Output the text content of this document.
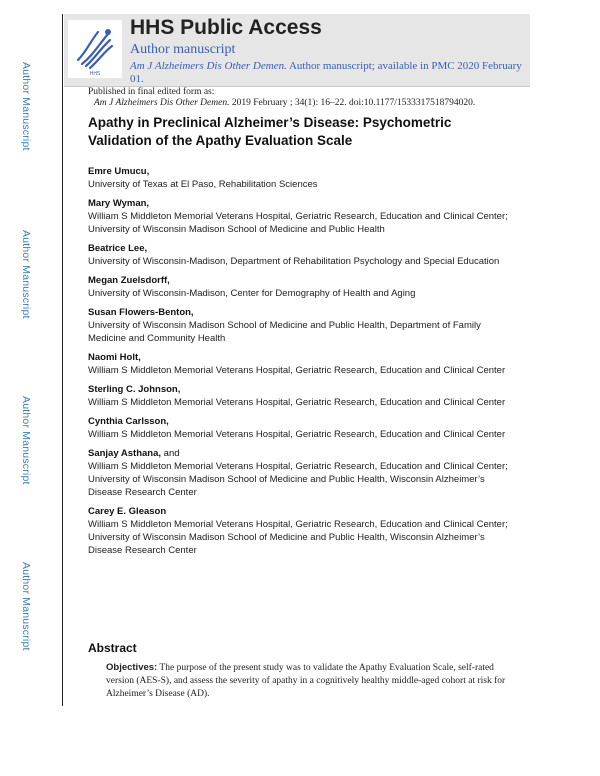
Author Manuscript
Author Manuscript
Author Manuscript
Author Manuscript
HHS
HHS Public Access
Author manuscript
Am J Alzheimers Dis Other Demen. Author manuscript; available in PMC 2020 February 01.
Published in final edited form as:
Am J Alzheimers Dis Other Demen. 2019 February ; 34(1): 16–22. doi:10.1177/1533317518794020.
Apathy in Preclinical Alzheimer’s Disease: Psychometric Validation of the Apathy Evaluation Scale
Emre Umucu,
University of Texas at El Paso, Rehabilitation Sciences
Mary Wyman,
William S Middleton Memorial Veterans Hospital, Geriatric Research, Education and Clinical Center; University of Wisconsin Madison School of Medicine and Public Health
Beatrice Lee,
University of Wisconsin-Madison, Department of Rehabilitation Psychology and Special Education
Megan Zuelsdorff,
University of Wisconsin-Madison, Center for Demography of Health and Aging
Susan Flowers-Benton,
University of Wisconsin Madison School of Medicine and Public Health, Department of Family Medicine and Community Health
Naomi Holt,
William S Middleton Memorial Veterans Hospital, Geriatric Research, Education and Clinical Center
Sterling C. Johnson,
William S Middleton Memorial Veterans Hospital, Geriatric Research, Education and Clinical Center
Cynthia Carlsson,
William S Middleton Memorial Veterans Hospital, Geriatric Research, Education and Clinical Center
Sanjay Asthana, and
William S Middleton Memorial Veterans Hospital, Geriatric Research, Education and Clinical Center; University of Wisconsin Madison School of Medicine and Public Health, Wisconsin Alzheimer’s Disease Research Center
Carey E. Gleason
William S Middleton Memorial Veterans Hospital, Geriatric Research, Education and Clinical Center; University of Wisconsin Madison School of Medicine and Public Health, Wisconsin Alzheimer’s Disease Research Center
Abstract
Objectives: The purpose of the present study was to validate the Apathy Evaluation Scale, self-rated version (AES-S), and assess the severity of apathy in a cognitively healthy middle-aged cohort at risk for Alzheimer’s Disease (AD).
